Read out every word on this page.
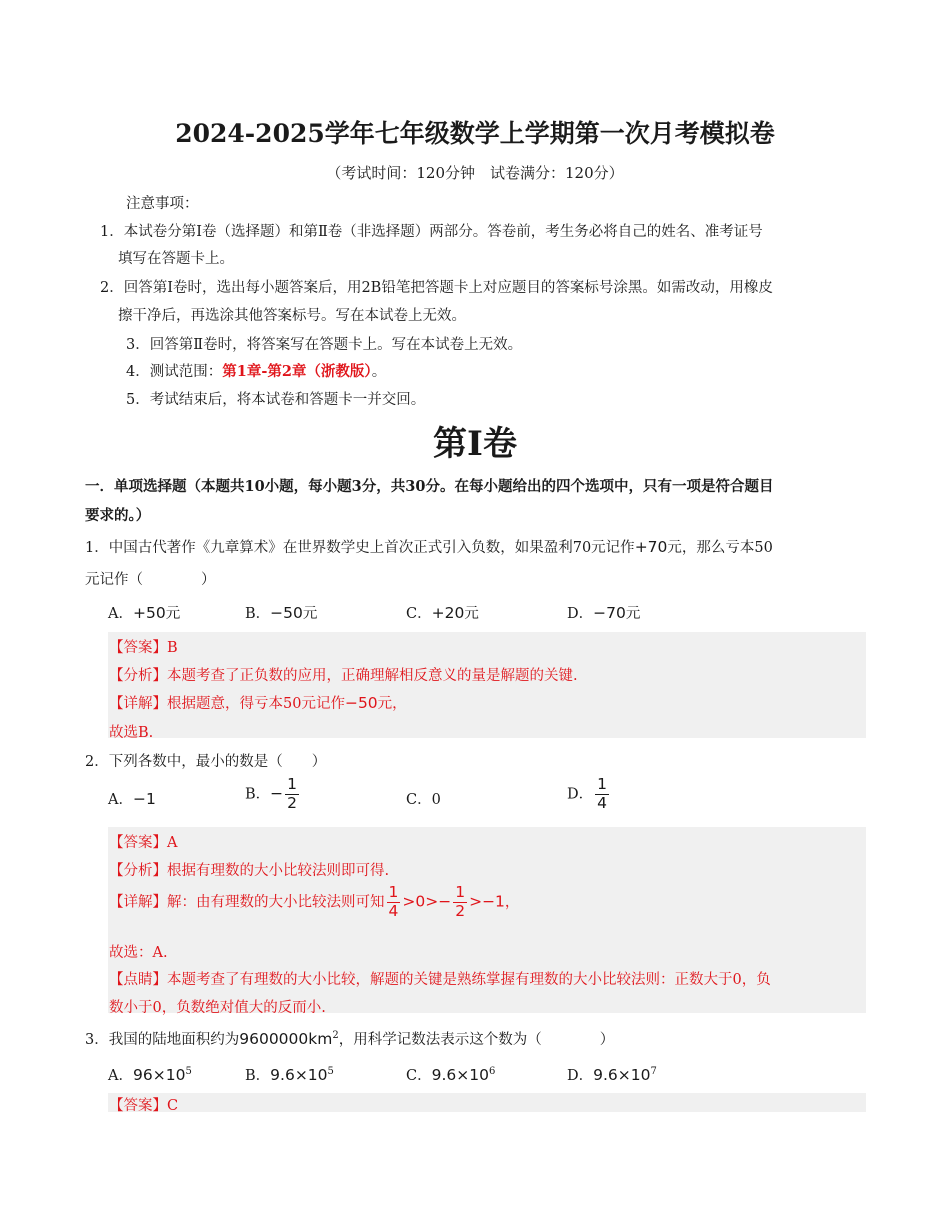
2024-2025学年七年级数学上学期第一次月考模拟卷
（考试时间：120分钟　试卷满分：120分）
注意事项：
1．本试卷分第Ⅰ卷（选择题）和第Ⅱ卷（非选择题）两部分。答卷前，考生务必将自己的姓名、准考证号
填写在答题卡上。
2．回答第Ⅰ卷时，选出每小题答案后，用2B铅笔把答题卡上对应题目的答案标号涂黑。如需改动，用橡皮
擦干净后，再选涂其他答案标号。写在本试卷上无效。
3．回答第Ⅱ卷时，将答案写在答题卡上。写在本试卷上无效。
4．测试范围：第1章-第2章（浙教版）。
5．考试结束后，将本试卷和答题卡一并交回。
第Ⅰ卷
一．单项选择题（本题共10小题，每小题3分，共30分。在每小题给出的四个选项中，只有一项是符合题目
要求的。）
1．中国古代著作《九章算术》在世界数学史上首次正式引入负数，如果盈利70元记作+70元，那么亏本50
元记作（　　　　）
A．+50元	B．−50元	C．+20元	D．−70元
【答案】B
【分析】本题考查了正负数的应用，正确理解相反意义的量是解题的关键.
【详解】根据题意，得亏本50元记作−50元，
故选B.
2．下列各数中，最小的数是（　　）
A．−1	B．− $\frac{1}{2}$	C．0	D． $\frac{1}{4}$
【答案】A
【分析】根据有理数的大小比较法则即可得.
【详解】解：由有理数的大小比较法则可知 $\frac{1}{4} >0>- \frac{1}{2} >-1$，
故选：A.
【点睛】本题考查了有理数的大小比较，解题的关键是熟练掌握有理数的大小比较法则：正数大于0，负
数小于0，负数绝对值大的反而小.
3．我国的陆地面积约为$9600000km^2$，用科学记数法表示这个数为（　　　　）
A．$96\times 10^5$	B．$9.6\times 10^5$	C．$9.6\times 10^6$	D．$9.6\times 10^7$
【答案】C
